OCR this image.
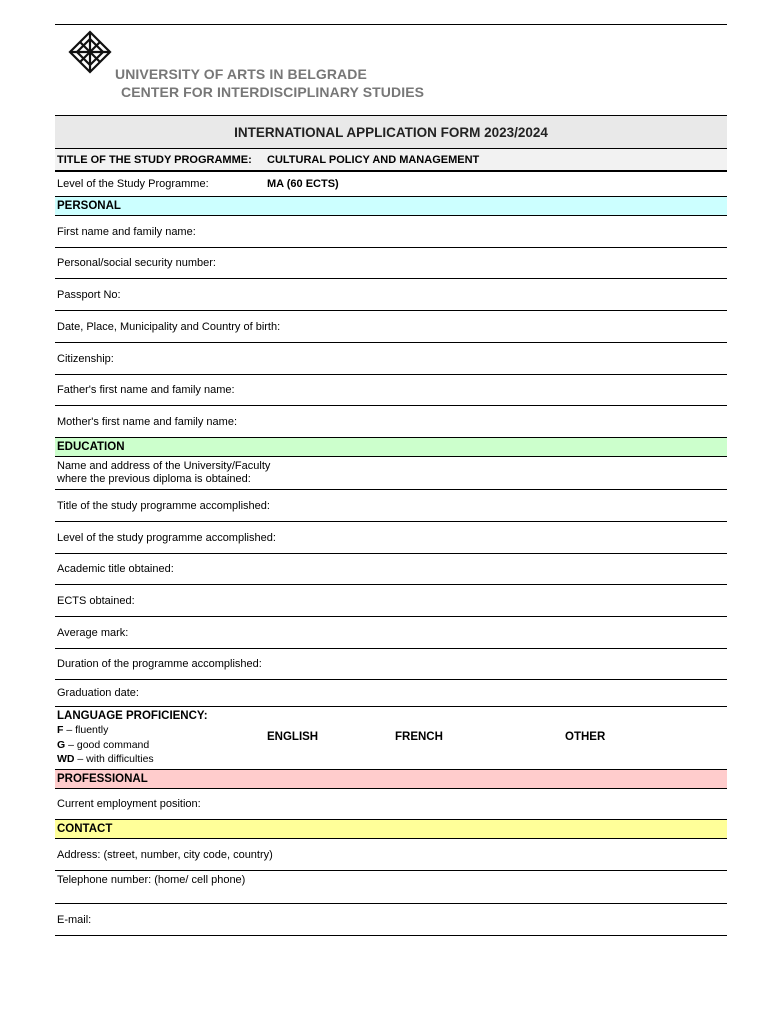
UNIVERSITY OF ARTS IN BELGRADE
CENTER FOR INTERDISCIPLINARY STUDIES
INTERNATIONAL APPLICATION FORM 2023/2024
TITLE OF THE STUDY PROGRAMME: CULTURAL POLICY AND MANAGEMENT
Level of the Study Programme:	MA (60 ECTS)
PERSONAL
First name and family name:
Personal/social security number:
Passport No:
Date, Place, Municipality and Country of birth:
Citizenship:
Father's first name and family name:
Mother's first name and family name:
EDUCATION
Name and address of the University/Faculty
where the previous diploma is obtained:
Title of the study programme accomplished:
Level of the study programme accomplished:
Academic title obtained:
ECTS obtained:
Average mark:
Duration of the programme accomplished:
Graduation date:
LANGUAGE PROFICIENCY:
F – fluently
G – good command
WD – with difficulties
ENGLISH	FRENCH	OTHER
PROFESSIONAL
Current employment position:
CONTACT
Address: (street, number, city code, country)
Telephone number: (home/ cell phone)
E-mail:
